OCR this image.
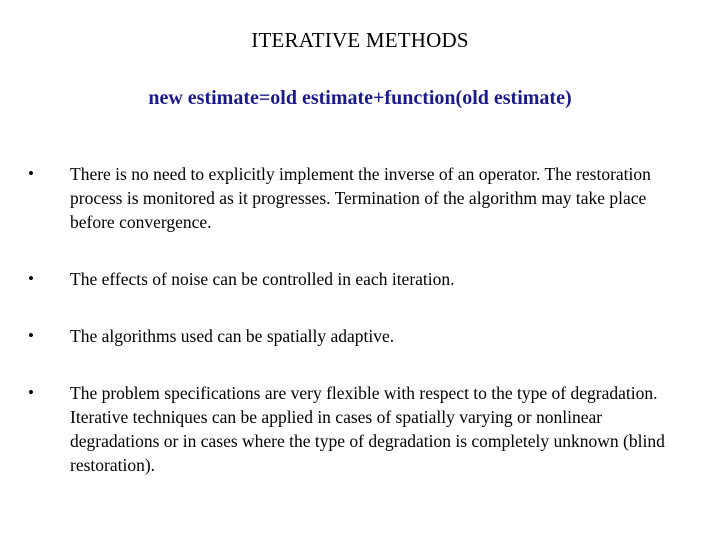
ITERATIVE METHODS
new estimate=old estimate+function(old estimate)
•	There is no need to explicitly implement the inverse of an operator. The restoration process is monitored as it progresses. Termination of the algorithm may take place before convergence.
•	The effects of noise can be controlled in each iteration.
•	The algorithms used can be spatially adaptive.
•	The problem specifications are very flexible with respect to the type of degradation. Iterative techniques can be applied in cases of spatially varying or nonlinear degradations or in cases where the type of degradation is completely unknown (blind restoration).
